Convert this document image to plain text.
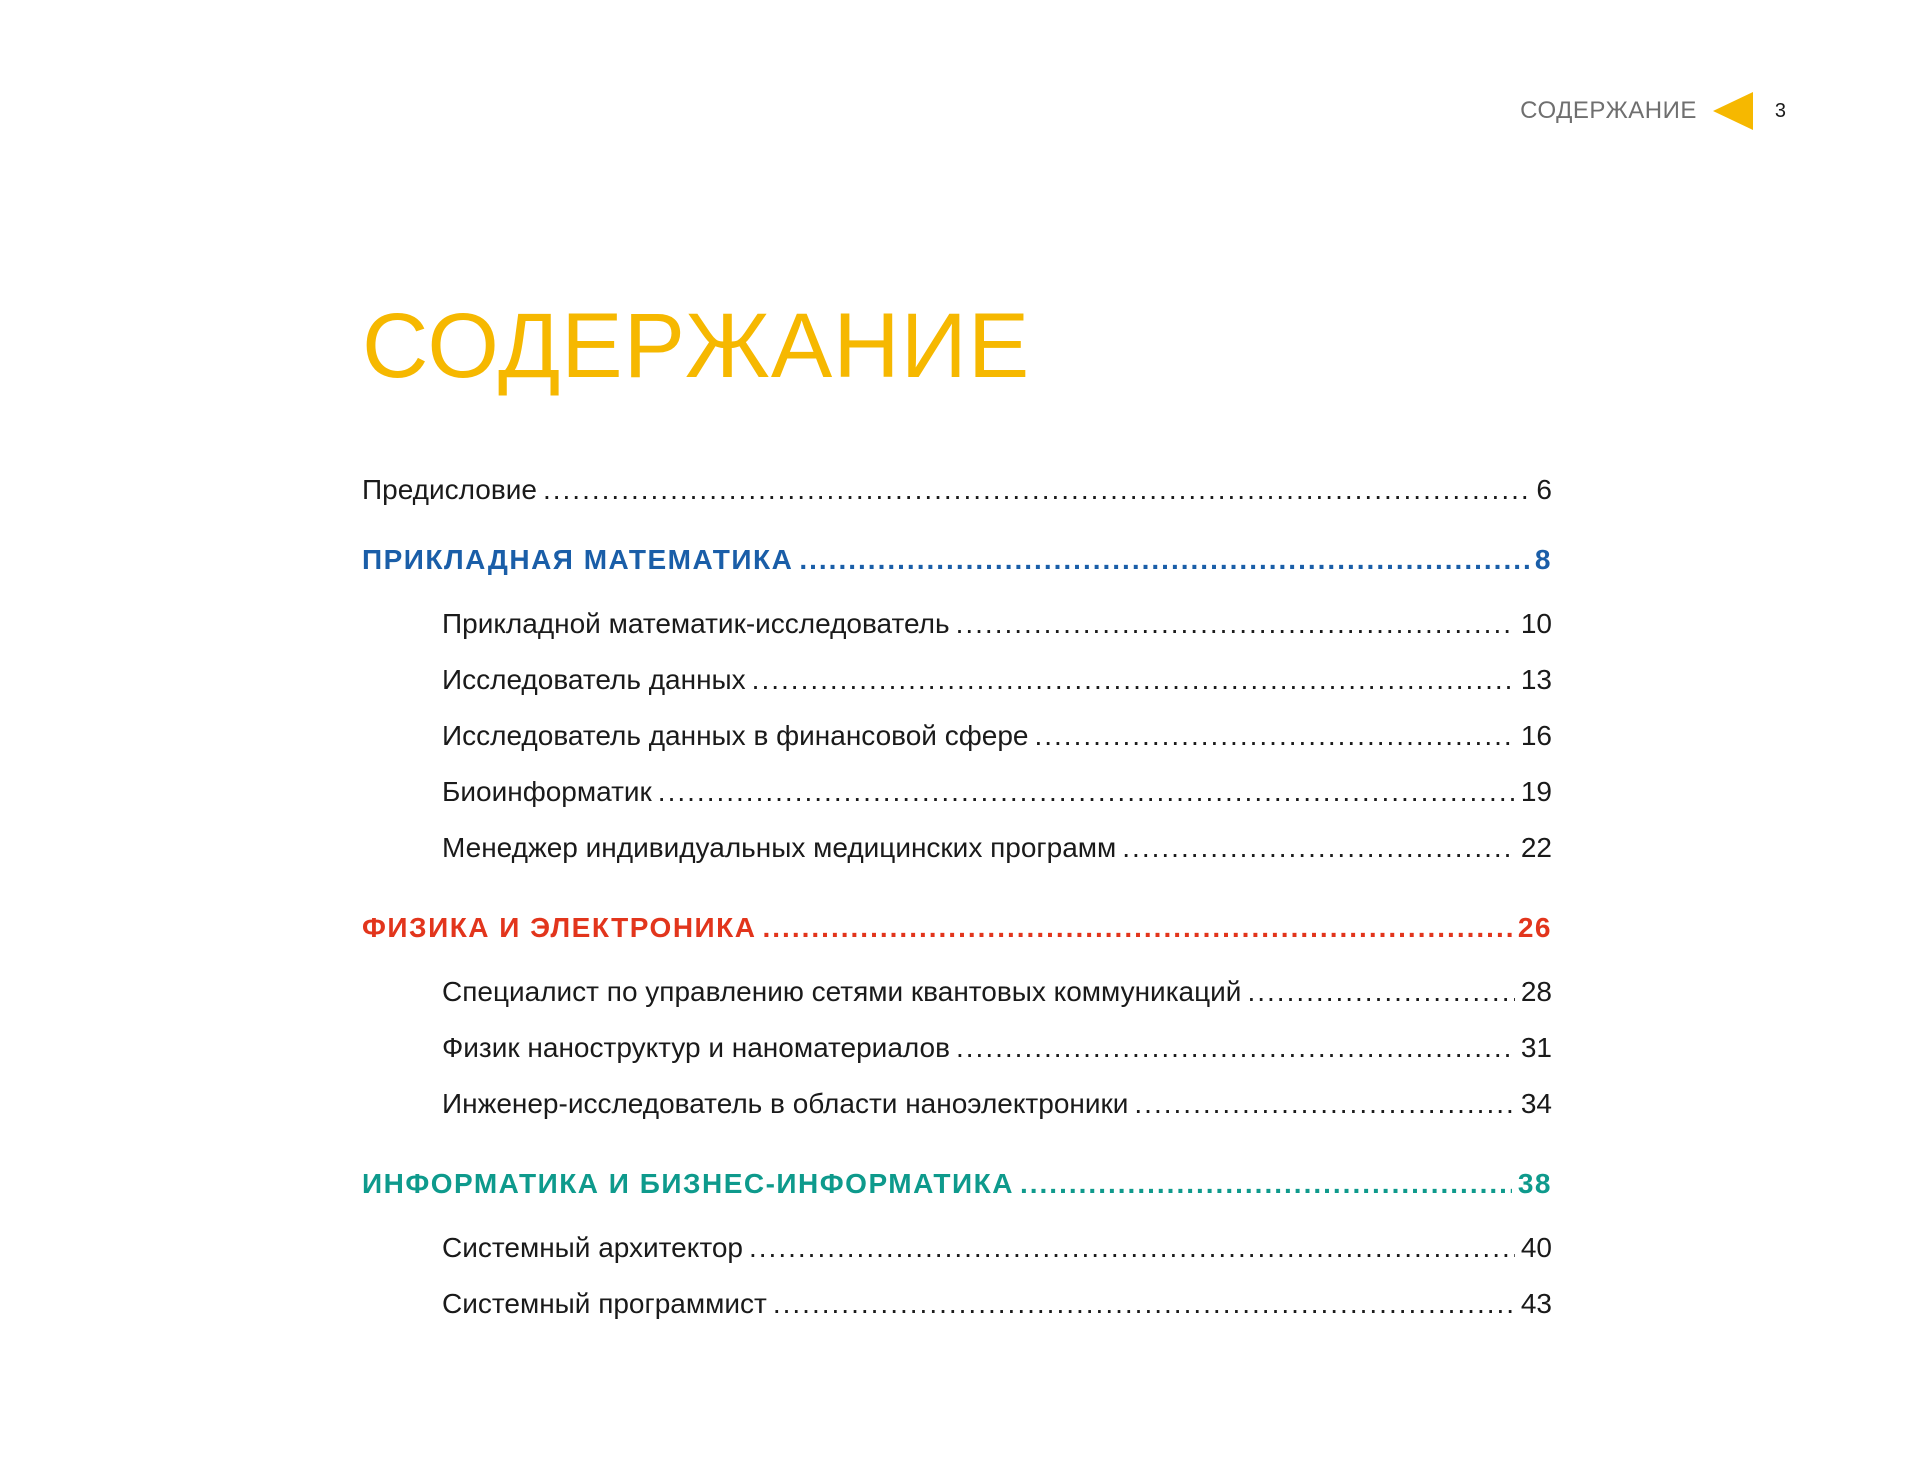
СОДЕРЖАНИЕ	3
СОДЕРЖАНИЕ
Предисловие .....	6
ПРИКЛАДНАЯ МАТЕМАТИКА .....	8
Прикладной математик-исследователь .....	10
Исследователь данных .....	13
Исследователь данных в финансовой сфере .....	16
Биоинформатик .....	19
Менеджер индивидуальных медицинских программ .....	22
ФИЗИКА И ЭЛЕКТРОНИКА .....	26
Специалист по управлению сетями квантовых коммуникаций .....	28
Физик наноструктур и наноматериалов .....	31
Инженер-исследователь в области наноэлектроники .....	34
ИНФОРМАТИКА И БИЗНЕС-ИНФОРМАТИКА .....	38
Системный архитектор .....	40
Системный программист .....	43
